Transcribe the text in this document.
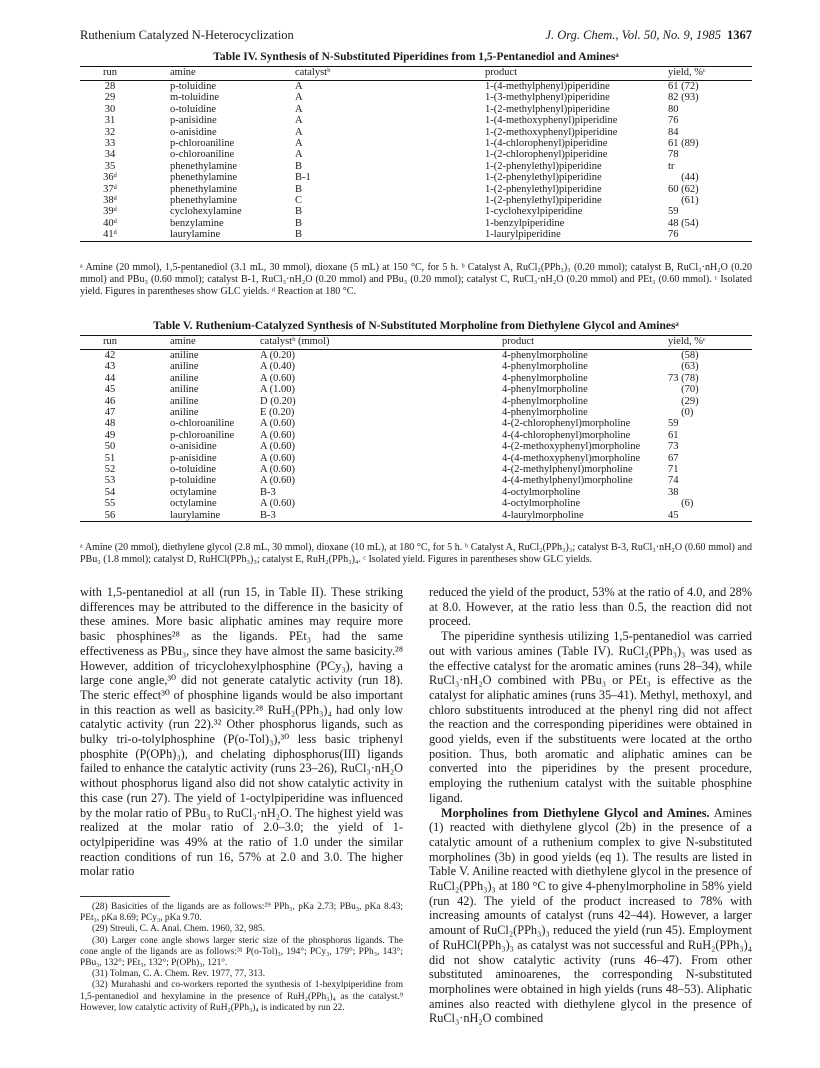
Ruthenium Catalyzed N-Heterocyclization	J. Org. Chem., Vol. 50, No. 9, 1985 1367
Table IV. Synthesis of N-Substituted Piperidines from 1,5-Pentanediol and Aminesᵃ
run	amine	catalystᵇ	product	yield, %ᶜ
28	p-toluidine	A	1-(4-methylphenyl)piperidine	61 (72)
29	m-toluidine	A	1-(3-methylphenyl)piperidine	82 (93)
30	o-toluidine	A	1-(2-methylphenyl)piperidine	80
31	p-anisidine	A	1-(4-methoxyphenyl)piperidine	76
32	o-anisidine	A	1-(2-methoxyphenyl)piperidine	84
33	p-chloroaniline	A	1-(4-chlorophenyl)piperidine	61 (89)
34	o-chloroaniline	A	1-(2-chlorophenyl)piperidine	78
35	phenethylamine	B	1-(2-phenylethyl)piperidine	tr
36ᵈ	phenethylamine	B-1	1-(2-phenylethyl)piperidine	(44)
37ᵈ	phenethylamine	B	1-(2-phenylethyl)piperidine	60 (62)
38ᵈ	phenethylamine	C	1-(2-phenylethyl)piperidine	(61)
39ᵈ	cyclohexylamine	B	1-cyclohexylpiperidine	59
40ᵈ	benzylamine	B	1-benzylpiperidine	48 (54)
41ᵈ	laurylamine	B	1-laurylpiperidine	76
ᵃ Amine (20 mmol), 1,5-pentanediol (3.1 mL, 30 mmol), dioxane (5 mL) at 150 °C, for 5 h. ᵇ Catalyst A, RuCl₂(PPh₃)₃ (0.20 mmol); catalyst B, RuCl₃·nH₂O (0.20 mmol) and PBu₃ (0.60 mmol); catalyst B-1, RuCl₃·nH₂O (0.20 mmol) and PBu₃ (0.20 mmol); catalyst C, RuCl₃·nH₂O (0.20 mmol) and PEt₃ (0.60 mmol). ᶜ Isolated yield. Figures in parentheses show GLC yields. ᵈ Reaction at 180 °C.
Table V. Ruthenium-Catalyzed Synthesis of N-Substituted Morpholine from Diethylene Glycol and Aminesᵃ
run	amine	catalystᵇ (mmol)	product	yield, %ᶜ
42	aniline	A (0.20)	4-phenylmorpholine	(58)
43	aniline	A (0.40)	4-phenylmorpholine	(63)
44	aniline	A (0.60)	4-phenylmorpholine	73 (78)
45	aniline	A (1.00)	4-phenylmorpholine	(70)
46	aniline	D (0.20)	4-phenylmorpholine	(29)
47	aniline	E (0.20)	4-phenylmorpholine	(0)
48	o-chloroaniline	A (0.60)	4-(2-chlorophenyl)morpholine	59
49	p-chloroaniline	A (0.60)	4-(4-chlorophenyl)morpholine	61
50	o-anisidine	A (0.60)	4-(2-methoxyphenyl)morpholine	73
51	p-anisidine	A (0.60)	4-(4-methoxyphenyl)morpholine	67
52	o-toluidine	A (0.60)	4-(2-methylphenyl)morpholine	71
53	p-toluidine	A (0.60)	4-(4-methylphenyl)morpholine	74
54	octylamine	B-3	4-octylmorpholine	38
55	octylamine	A (0.60)	4-octylmorpholine	(6)
56	laurylamine	B-3	4-laurylmorpholine	45
ᵃ Amine (20 mmol), diethylene glycol (2.8 mL, 30 mmol), dioxane (10 mL), at 180 °C, for 5 h. ᵇ Catalyst A, RuCl₂(PPh₃)₃; catalyst B-3, RuCl₃·nH₂O (0.60 mmol) and PBu₃ (1.8 mmol); catalyst D, RuHCl(PPh₃)₃; catalyst E, RuH₂(PPh₃)₄. ᶜ Isolated yield. Figures in parentheses show GLC yields.

with 1,5-pentanediol at all (run 15, in Table II). These striking differences may be attributed to the difference in the basicity of these amines. More basic aliphatic amines may require more basic phosphines²⁸ as the ligands. PEt₃ had the same effectiveness as PBu₃, since they have almost the same basicity.²⁸ However, addition of tricyclohexylphosphine (PCy₃), having a large cone angle,³⁰ did not generate catalytic activity (run 18). The steric effect³⁰ of phosphine ligands would be also important in this reaction as well as basicity.²⁸ RuH₂(PPh₃)₄ had only low catalytic activity (run 22).³² Other phosphorus ligands, such as bulky tri-o-tolylphosphine (P(o-Tol)₃),³⁰ less basic triphenyl phosphite (P(OPh)₃), and chelating diphosphorus(III) ligands failed to enhance the catalytic activity (runs 23–26), RuCl₃·nH₂O without phosphorus ligand also did not show catalytic activity in this case (run 27). The yield of 1-octylpiperidine was influenced by the molar ratio of PBu₃ to RuCl₃·nH₂O. The highest yield was realized at the molar ratio of 2.0–3.0; the yield of 1-octylpiperidine was 49% at the ratio of 1.0 under the similar reaction conditions of run 16, 57% at 2.0 and 3.0. The higher molar ratio

(28) Basicities of the ligands are as follows:²⁹ PPh₃, pKa 2.73; PBu₃, pKa 8.43; PEt₃, pKa 8.69; PCy₃, pKa 9.70.

(29) Streuli, C. A. Anal. Chem. 1960, 32, 985.

(30) Larger cone angle shows larger steric size of the phosphorus ligands. The cone angle of the ligands are as follows:³¹ P(o-Tol)₃, 194°; PCy₃, 179°; PPh₃, 143°; PBu₃, 132°; PEt₃, 132°; P(OPh)₃, 121°.

(31) Tolman, C. A. Chem. Rev. 1977, 77, 313.

(32) Murahashi and co-workers reported the synthesis of 1-hexylpiperidine from 1,5-pentanediol and hexylamine in the presence of RuH₂(PPh₃)₄ as the catalyst.⁹ However, low catalytic activity of RuH₂(PPh₃)₄ is indicated by run 22.

reduced the yield of the product, 53% at the ratio of 4.0, and 28% at 8.0. However, at the ratio less than 0.5, the reaction did not proceed.

The piperidine synthesis utilizing 1,5-pentanediol was carried out with various amines (Table IV). RuCl₂(PPh₃)₃ was used as the effective catalyst for the aromatic amines (runs 28–34), while RuCl₃·nH₂O combined with PBu₃ or PEt₃ is effective as the catalyst for aliphatic amines (runs 35–41). Methyl, methoxyl, and chloro substituents introduced at the phenyl ring did not affect the reaction and the corresponding piperidines were obtained in good yields, even if the substituents were located at the ortho position. Thus, both aromatic and aliphatic amines can be converted into the piperidines by the present procedure, employing the ruthenium catalyst with the suitable phosphine ligand.

Morpholines from Diethylene Glycol and Amines. Amines (1) reacted with diethylene glycol (2b) in the presence of a catalytic amount of a ruthenium complex to give N-substituted morpholines (3b) in good yields (eq 1). The results are listed in Table V. Aniline reacted with diethylene glycol in the presence of RuCl₂(PPh₃)₃ at 180 °C to give 4-phenylmorpholine in 58% yield (run 42). The yield of the product increased to 78% with increasing amounts of catalyst (runs 42–44). However, a larger amount of RuCl₂(PPh₃)₃ reduced the yield (run 45). Employment of RuHCl(PPh₃)₃ as catalyst was not successful and RuH₂(PPh₃)₄ did not show catalytic activity (runs 46–47). From other substituted aminoarenes, the corresponding N-substituted morpholines were obtained in high yields (runs 48–53). Aliphatic amines also reacted with diethylene glycol in the presence of RuCl₃·nH₂O combined
